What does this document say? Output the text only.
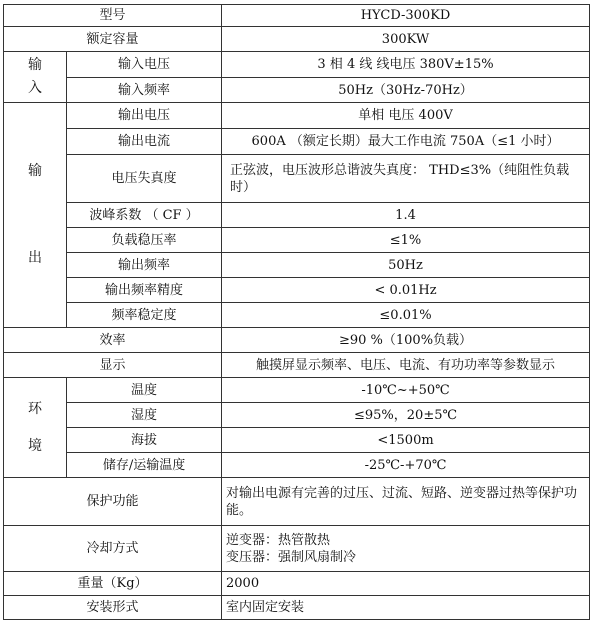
型号		HYCD-300KD
额定容量		300KW

输
入	输入电压	3 相 4 线 线电压 380V±15%
	输入频率	50Hz（30Hz-70Hz）

输
出	输出电压	单相 电压 400V
	输出电流	600A （额定长期）最大工作电流 750A（≤1 小时）
	电压失真度	正弦波，电压波形总谐波失真度： THD≤3%（纯阻性负载时）
	波峰系数 （ CF ）	1.4
	负载稳压率	≤1%
	输出频率	50Hz
	输出频率精度	< 0.01Hz
	频率稳定度	≤0.01%
效率		≥90 %（100%负载）
显示		触摸屏显示频率、电压、电流、有功功率等参数显示

环
境	温度	-10℃~+50℃
	湿度	≤95%，20±5℃
	海拔	<1500m
	储存/运输温度	-25℃-+70℃
保护功能		对输出电源有完善的过压、过流、短路、逆变器过热等保护功能。
冷却方式		逆变器：热管散热
变压器：强制风扇制冷

重量（Kg）		2000
安装形式		室内固定安装
